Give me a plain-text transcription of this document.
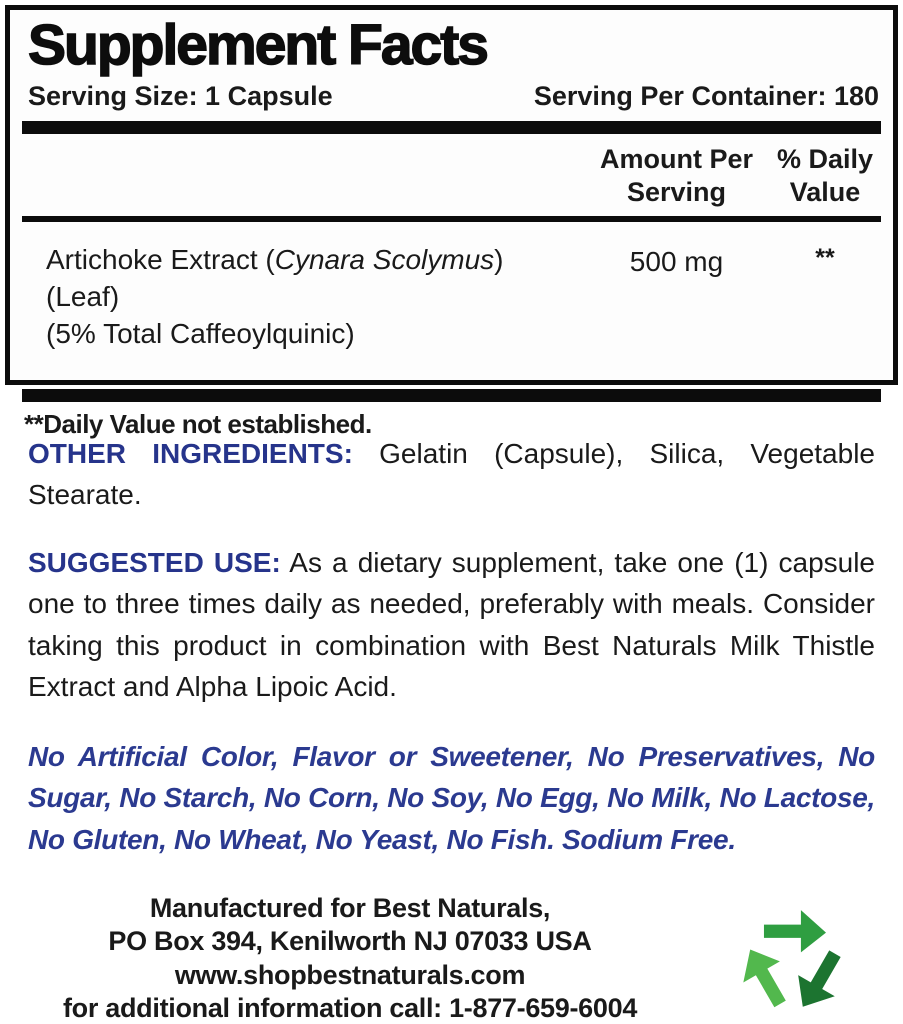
Supplement Facts
Serving Size: 1 Capsule	Serving Per Container: 180
Amount Per
Serving
% Daily
Value
Artichoke Extract (Cynara Scolymus) (Leaf)
(5% Total Caffeoylquinic)
500 mg	**
**Daily Value not established.

OTHER INGREDIENTS: Gelatin (Capsule), Silica, Vegetable Stearate.

SUGGESTED USE: As a dietary supplement, take one (1) capsule one to three times daily as needed, preferably with meals. Consider taking this product in combination with Best Naturals Milk Thistle Extract and Alpha Lipoic Acid.

No Artificial Color, Flavor or Sweetener, No Preservatives, No Sugar, No Starch, No Corn, No Soy, No Egg, No Milk, No Lactose, No Gluten, No Wheat, No Yeast, No Fish. Sodium Free.

Manufactured for Best Naturals,
PO Box 394, Kenilworth NJ 07033 USA
www.shopbestnaturals.com
for additional information call: 1-877-659-6004
